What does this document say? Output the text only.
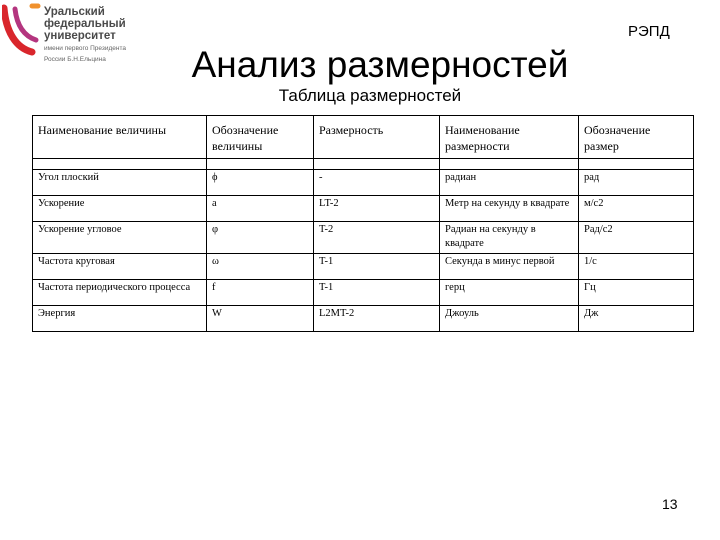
Уральский
федеральный
университет
имени первого Президента
России Б.Н.Ельцина
РЭПД
Анализ размерностей
Таблица размерностей
Наименование величины	Обозначение величины	Размерность	Наименование размерности	Обозначение размер

Угол плоский	ϕ	-	радиан	рад
Ускорение	а	LT-2	Метр на секунду в квадрате	м/с2
Ускорение угловое	φ	T-2	Радиан на секунду в квадрате	Рад/с2
Частота круговая	ω	T-1	Секунда в минус первой	1/с
Частота периодического процесса	f	T-1	герц	Гц
Энергия	W	L2MT-2	Джоуль	Дж
13
